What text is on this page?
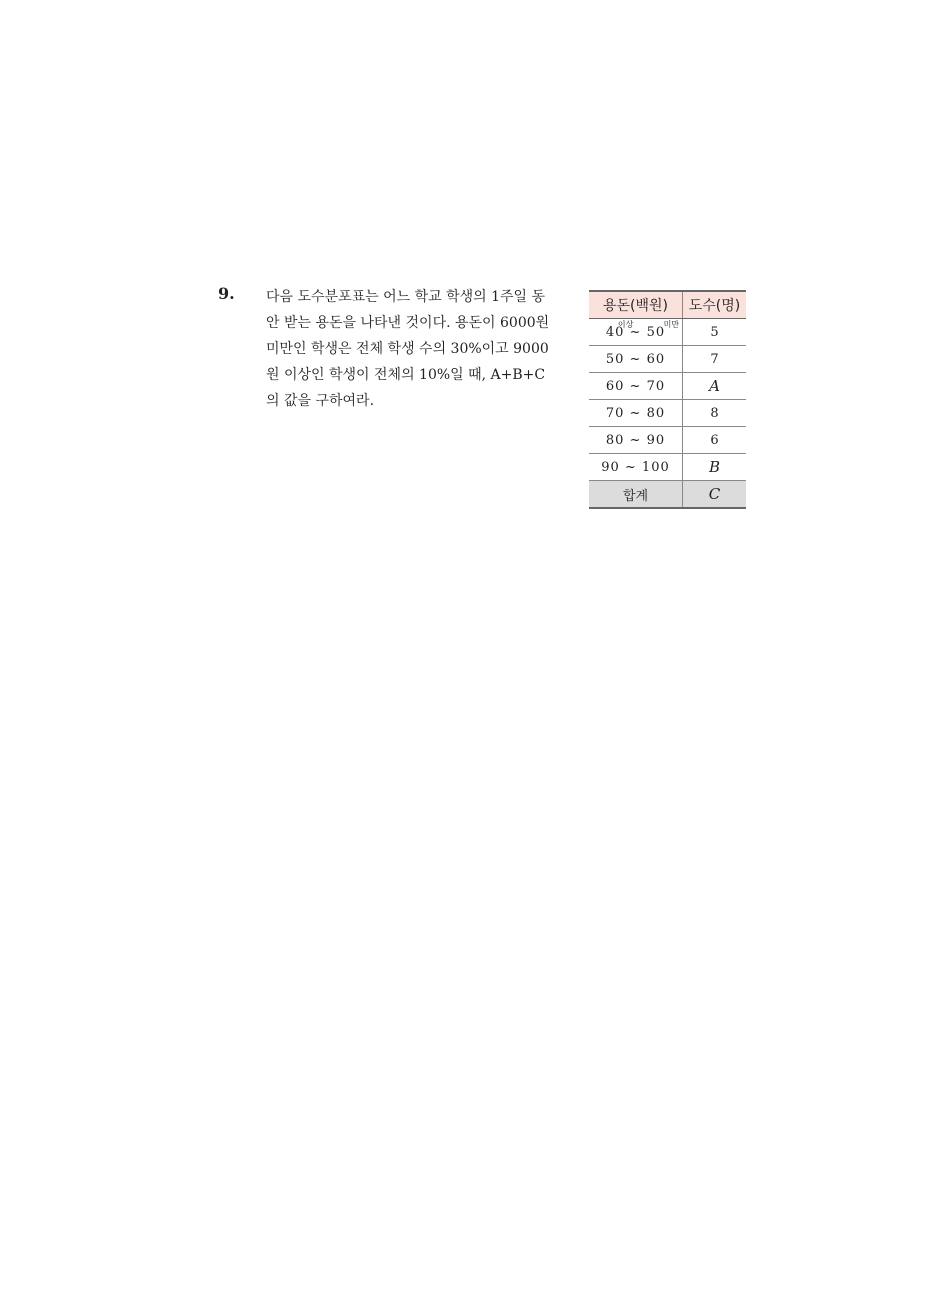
9. 다음 도수분포표는 어느 학교 학생의 1주일 동
안 받는 용돈을 나타낸 것이다. 용돈이 6000원
미만인 학생은 전체 학생 수의 30%이고 9000
원 이상인 학생이 전체의 10%일 때, A+B+C
의 값을 구하여라.
용돈(백원)	도수(명)
40
이상
~ 50
미만	5
50 ~ 60	7
60 ~ 70	A
70 ~ 80	8
80 ~ 90	6
90 ~ 100	B
합계	C
